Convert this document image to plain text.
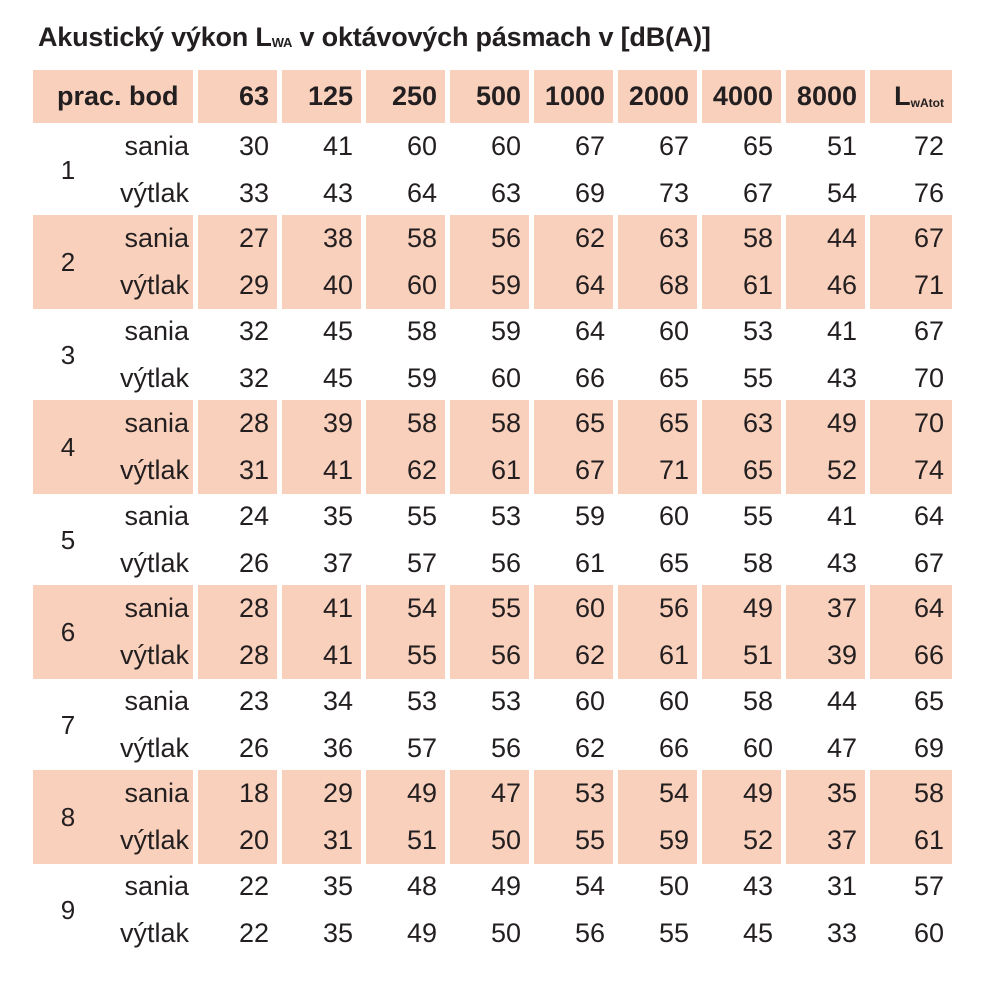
Akustický výkon $L_{WA}$ v oktávových pásmach v [dB(A)]
prac. bod	63	125	250	500 1000 2000 4000 8000 $L_{wAtot}$
1
sania	30	41	60	60	67	67	65	51	72
výtlak	33	43	64	63	69	73	67	54	76
2
sania	27	38	58	56	62	63	58	44	67
výtlak	29	40	60	59	64	68	61	46	71
3
sania	32	45	58	59	64	60	53	41	67
výtlak	32	45	59	60	66	65	55	43	70
4
sania	28	39	58	58	65	65	63	49	70
výtlak	31	41	62	61	67	71	65	52	74
5
sania	24	35	55	53	59	60	55	41	64
výtlak	26	37	57	56	61	65	58	43	67
6
sania	28	41	54	55	60	56	49	37	64
výtlak	28	41	55	56	62	61	51	39	66
7
sania	23	34	53	53	60	60	58	44	65
výtlak	26	36	57	56	62	66	60	47	69
8
sania	18	29	49	47	53	54	49	35	58
výtlak	20	31	51	50	55	59	52	37	61
9
sania	22	35	48	49	54	50	43	31	57
výtlak	22	35	49	50	56	55	45	33	60
